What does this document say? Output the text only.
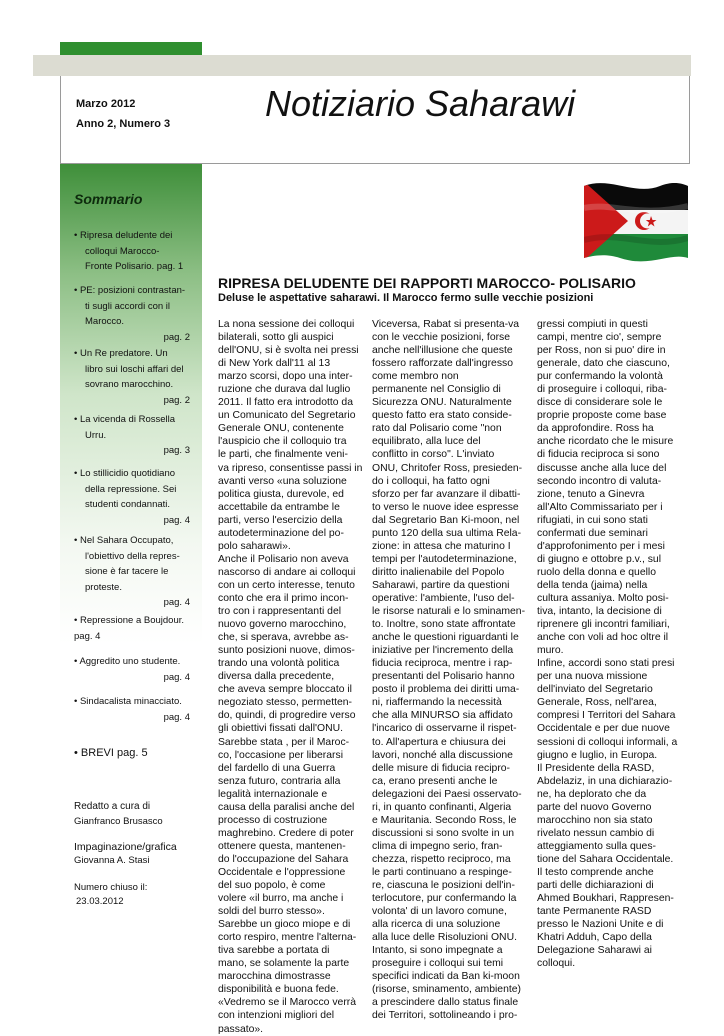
Marzo 2012
Anno 2, Numero 3	Notiziario Saharawi
Sommario
• Ripresa deludente dei
colloqui Marocco-
Fronte Polisario. pag. 1
• PE: posizioni contrastan-
ti sugli accordi con il
Marocco.
pag. 2
• Un Re predatore. Un
libro sui loschi affari del
sovrano marocchino.
pag. 2
• La vicenda di Rossella
Urru.
pag. 3
• Lo stillicidio quotidiano
della repressione. Sei
studenti condannati.
pag. 4
• Nel Sahara Occupato,
l'obiettivo della repres-
sione è far tacere le
proteste.
pag. 4
• Repressione a Boujdour.
pag. 4
• Aggredito uno studente.
pag. 4
• Sindacalista minacciato.
pag. 4
• BREVI pag. 5
Redatto a cura di
Gianfranco Brusasco
Impaginazione/grafica
Giovanna A. Stasi
Numero chiuso il:
23.03.2012
RIPRESA DELUDENTE DEI RAPPORTI MAROCCO- POLISARIO
Deluse le aspettative saharawi. Il Marocco fermo sulle vecchie posizioni
La nona sessione dei colloqui
bilaterali, sotto gli auspici
dell'ONU, si è svolta nei pressi
di New York dall'11 al 13
marzo scorsi, dopo una inter-
ruzione che durava dal luglio
2011. Il fatto era introdotto da
un Comunicato del Segretario
Generale ONU, contenente
l'auspicio che il colloquio tra
le parti, che finalmente veni-
va ripreso, consentisse passi in
avanti verso «una soluzione
politica giusta, durevole, ed
accettabile da entrambe le
parti, verso l'esercizio della
autodeterminazione del po-
polo saharawi».
Anche il Polisario non aveva
nascorso di andare ai colloqui
con un certo interesse, tenuto
conto che era il primo incon-
tro con i rappresentanti del
nuovo governo marocchino,
che, si sperava, avrebbe as-
sunto posizioni nuove, dimos-
trando una volontà politica
diversa dalla precedente,
che aveva sempre bloccato il
negoziato stesso, permetten-
do, quindi, di progredire verso
gli obiettivi fissati dall'ONU.
Sarebbe stata , per il Maroc-
co, l'occasione per liberarsi
del fardello di una Guerra
senza futuro, contraria alla
legalità internazionale e
causa della paralisi anche del
processo di costruzione
maghrebino. Credere di poter
ottenere questa, mantenen-
do l'occupazione del Sahara
Occidentale e l'oppressione
del suo popolo, è come
volere «il burro, ma anche i
soldi del burro stesso».
Sarebbe un gioco miope e di
corto respiro, mentre l'alterna-
tiva sarebbe a portata di
mano, se solamente la parte
marocchina dimostrasse
disponibilità e buona fede.
«Vedremo se il Marocco verrà
con intenzioni migliori del
passato».
Viceversa, Rabat si presenta-va
con le vecchie posizioni, forse
anche nell'illusione che queste
fossero rafforzate dall'ingresso
come membro non
permanente nel Consiglio di
Sicurezza ONU. Naturalmente
questo fatto era stato conside-
rato dal Polisario come "non
equilibrato, alla luce del
conflitto in corso". L'inviato
ONU, Chritofer Ross, presieden-
do i colloqui, ha fatto ogni
sforzo per far avanzare il dibatti-
to verso le nuove idee espresse
dal Segretario Ban Ki-moon, nel
punto 120 della sua ultima Rela-
zione: in attesa che maturino I
tempi per l'autodeterminazione,
diritto inalienabile del Popolo
Saharawi, partire da questioni
operative: l'ambiente, l'uso del-
le risorse naturali e lo sminamen-
to. Inoltre, sono state affrontate
anche le questioni riguardanti le
iniziative per l'incremento della
fiducia reciproca, mentre i rap-
presentanti del Polisario hanno
posto il problema dei diritti uma-
ni, riaffermando la necessità
che alla MINURSO sia affidato
l'incarico di osservarne il rispet-
to. All'apertura e chiusura dei
lavori, nonché alla discussione
delle misure di fiducia recipro-
ca, erano presenti anche le
delegazioni dei Paesi osservato-
ri, in quanto confinanti, Algeria
e Mauritania. Secondo Ross, le
discussioni si sono svolte in un
clima di impegno serio, fran-
chezza, rispetto reciproco, ma
le parti continuano a respinge-
re, ciascuna le posizioni dell'in-
terlocutore, pur confermando la
volonta' di un lavoro comune,
alla ricerca di una soluzione
alla luce delle Risoluzioni ONU.
Intanto, si sono impegnate a
proseguire i colloqui sui temi
specifici indicati da Ban ki-moon
(risorse, sminamento, ambiente)
a prescindere dallo status finale
dei Territori, sottolineando i pro-
gressi compiuti in questi
campi, mentre cio', sempre
per Ross, non si puo' dire in
generale, dato che ciascuno,
pur confermando la volontà
di proseguire i colloqui, riba-
disce di considerare sole le
proprie proposte come base
da approfondire. Ross ha
anche ricordato che le misure
di fiducia reciproca si sono
discusse anche alla luce del
secondo incontro di valuta-
zione, tenuto a Ginevra
all'Alto Commissariato per i
rifugiati, in cui sono stati
confermati due seminari
d'approfonimento per i mesi
di giugno e ottobre p.v., sul
ruolo della donna e quello
della tenda (jaima) nella
cultura assaniya. Molto posi-
tiva, intanto, la decisione di
riprenere gli incontri familiari,
anche con voli ad hoc oltre il
muro.
Infine, accordi sono stati presi
per una nuova missione
dell'inviato del Segretario
Generale, Ross, nell'area,
compresi I Territori del Sahara
Occidentale e per due nuove
sessioni di colloqui informali, a
giugno e luglio, in Europa.
Il Presidente della RASD,
Abdelaziz, in una dichiarazio-
ne, ha deplorato che da
parte del nuovo Governo
marocchino non sia stato
rivelato nessun cambio di
atteggiamento sulla ques-
tione del Sahara Occidentale.
Il testo comprende anche
parti delle dichiarazioni di
Ahmed Boukhari, Rappresen-
tante Permanente RASD
presso le Nazioni Unite e di
Khatri Adduh, Capo della
Delegazione Saharawi ai
colloqui.
